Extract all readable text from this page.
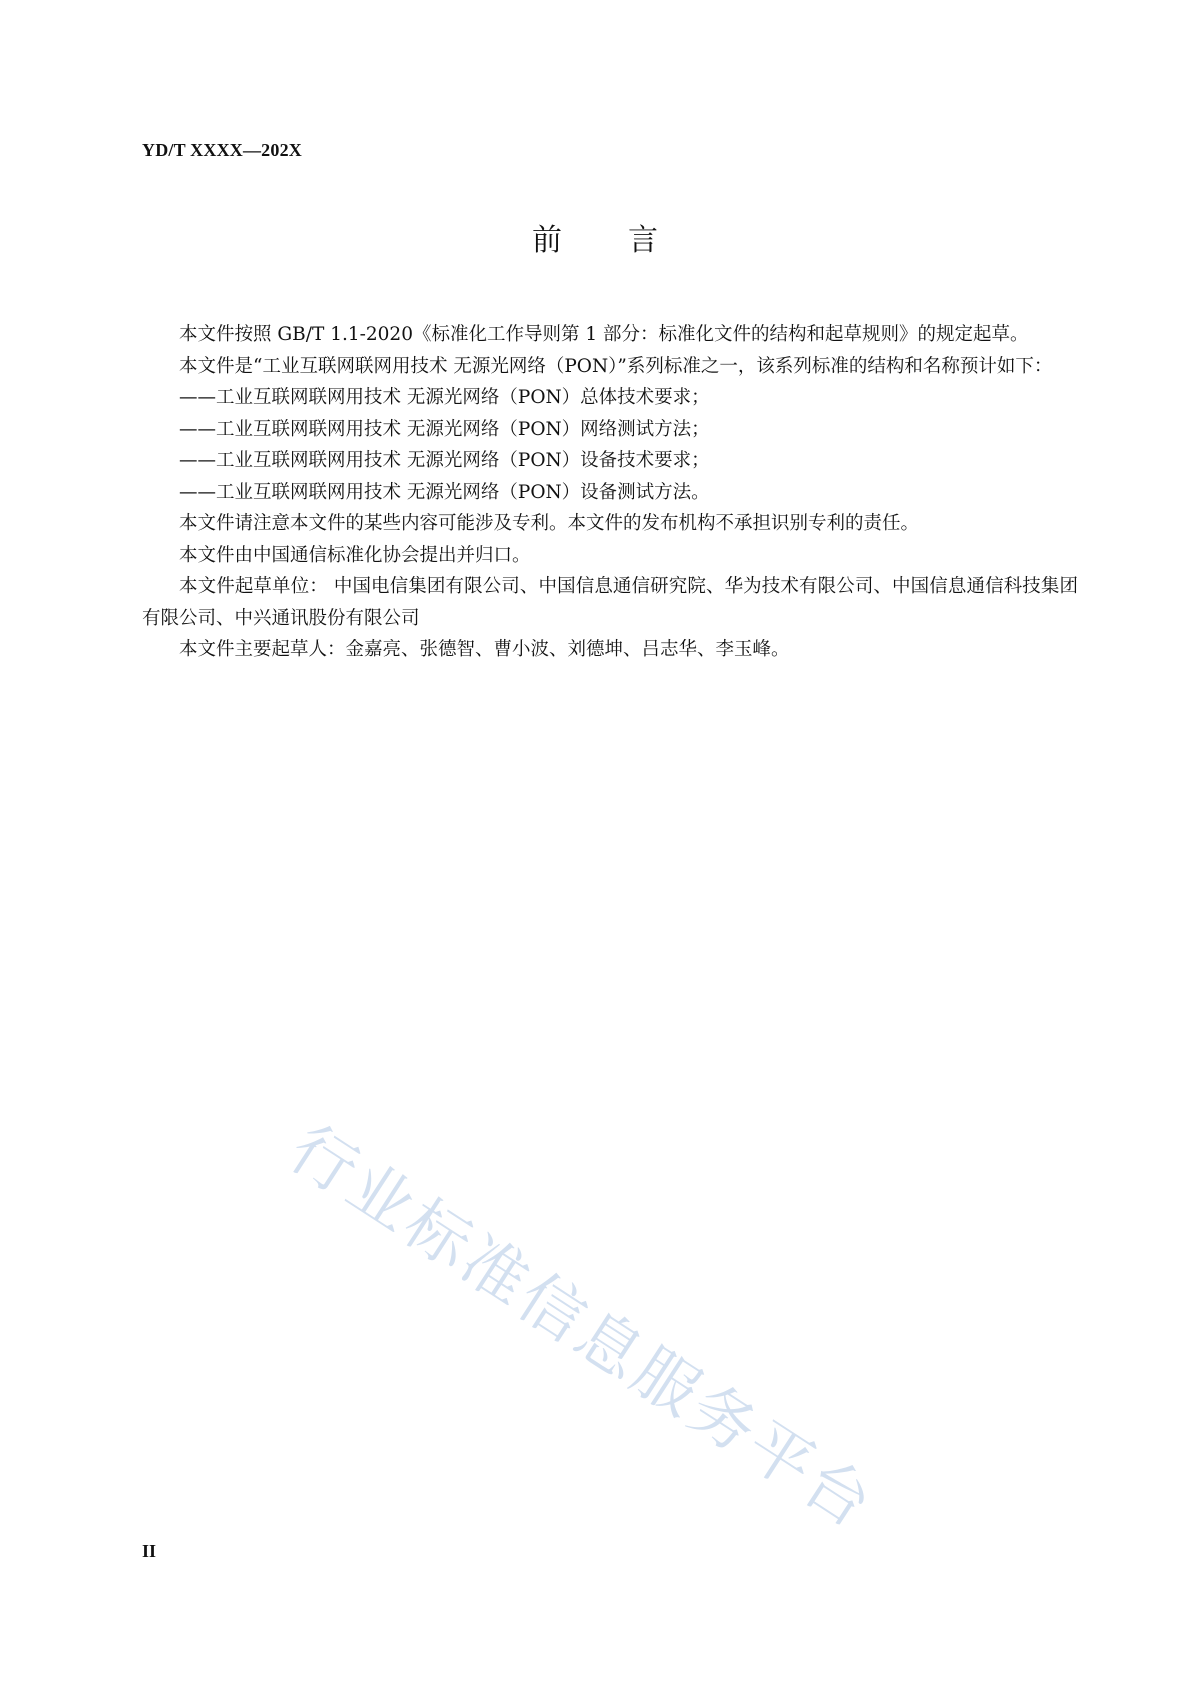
YD/T XXXX—202X
前言

本文件按照 GB/T 1.1-2020《标准化工作导则第 1 部分：标准化文件的结构和起草规则》的规定起草。

本文件是“工业互联网联网用技术 无源光网络（PON）”系列标准之一，该系列标准的结构和名称预计如下：

——工业互联网联网用技术 无源光网络（PON）总体技术要求；

——工业互联网联网用技术 无源光网络（PON）网络测试方法；

——工业互联网联网用技术 无源光网络（PON）设备技术要求；

——工业互联网联网用技术 无源光网络（PON）设备测试方法。

本文件请注意本文件的某些内容可能涉及专利。本文件的发布机构不承担识别专利的责任。

本文件由中国通信标准化协会提出并归口。

本文件起草单位： 中国电信集团有限公司、中国信息通信研究院、华为技术有限公司、中国信息通信科技集团有限公司、中兴通讯股份有限公司

本文件主要起草人：金嘉亮、张德智、曹小波、刘德坤、吕志华、李玉峰。

行业标准信息服务平台
II
